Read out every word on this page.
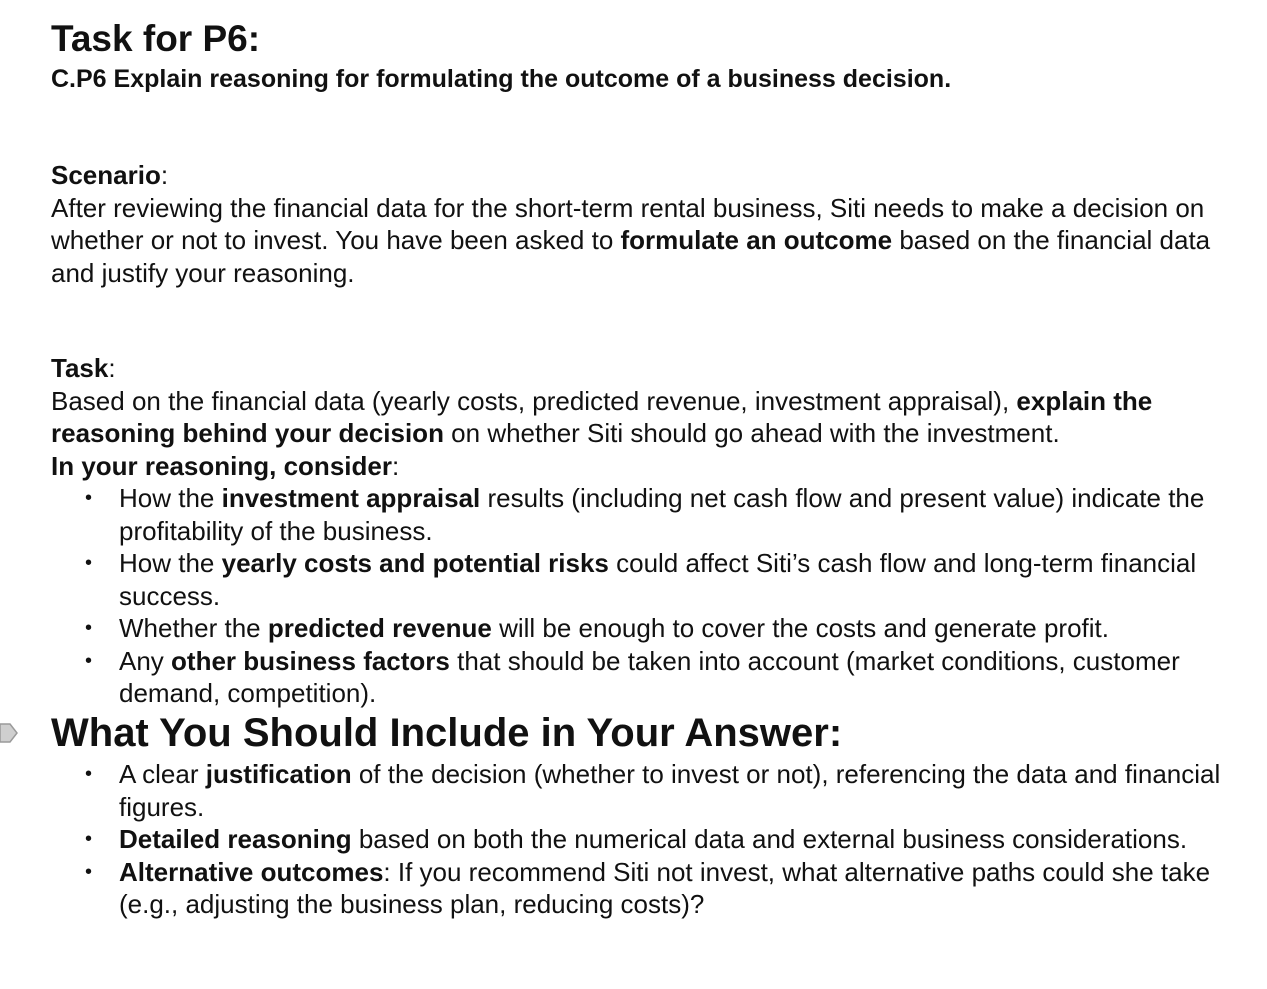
Task for P6:

C.P6 Explain reasoning for formulating the outcome of a business decision.

Scenario:

After reviewing the financial data for the short-term rental business, Siti needs to make a decision on whether or not to invest. You have been asked to formulate an outcome based on the financial data and justify your reasoning.

Task:

Based on the financial data (yearly costs, predicted revenue, investment appraisal), explain the reasoning behind your decision on whether Siti should go ahead with the investment.

In your reasoning, consider:

• How the investment appraisal results (including net cash flow and present value) indicate the profitability of the business.
• How the yearly costs and potential risks could affect Siti’s cash flow and long-term financial success.
• Whether the predicted revenue will be enough to cover the costs and generate profit.
• Any other business factors that should be taken into account (market conditions, customer demand, competition).
What You Should Include in Your Answer:
• A clear justification of the decision (whether to invest or not), referencing the data and financial figures.
• Detailed reasoning based on both the numerical data and external business considerations.
• Alternative outcomes: If you recommend Siti not invest, what alternative paths could she take (e.g., adjusting the business plan, reducing costs)?
